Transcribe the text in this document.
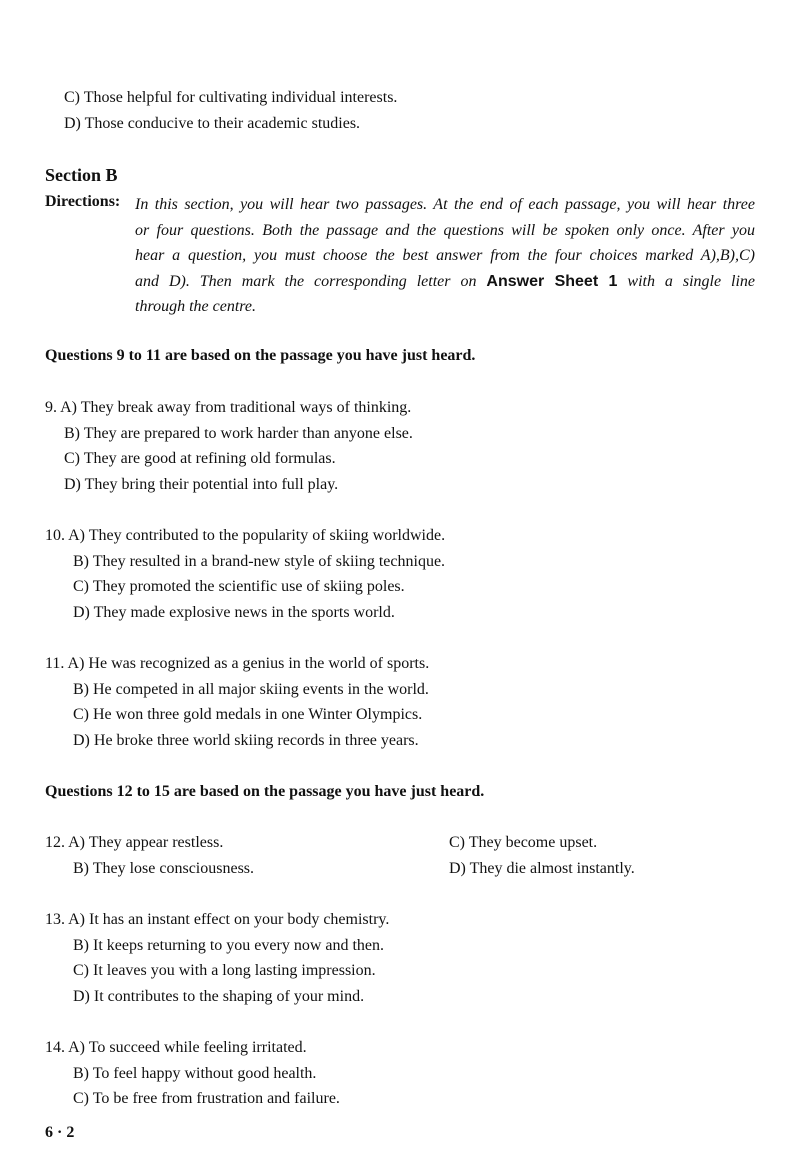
C) Those helpful for cultivating individual interests.
D) Those conducive to their academic studies.
Section B
Directions: In this section, you will hear two passages. At the end of each passage, you will hear three
or four questions. Both the passage and the questions will be spoken only once. After you
hear a question, you must choose the best answer from the four choices marked A),B),C)
and D). Then mark the corresponding letter on Answer Sheet 1 with a single line
through the centre.
Questions 9 to 11 are based on the passage you have just heard.
9. A) They break away from traditional ways of thinking.
B) They are prepared to work harder than anyone else.
C) They are good at refining old formulas.
D) They bring their potential into full play.
10. A) They contributed to the popularity of skiing worldwide.
B) They resulted in a brand-new style of skiing technique.
C) They promoted the scientific use of skiing poles.
D) They made explosive news in the sports world.
11. A) He was recognized as a genius in the world of sports.
B) He competed in all major skiing events in the world.
C) He won three gold medals in one Winter Olympics.
D) He broke three world skiing records in three years.
Questions 12 to 15 are based on the passage you have just heard.
12. A) They appear restless.
B) They lose consciousness.
C) They become upset.
D) They die almost instantly.
13. A) It has an instant effect on your body chemistry.
B) It keeps returning to you every now and then.
C) It leaves you with a long lasting impression.
D) It contributes to the shaping of your mind.
14. A) To succeed while feeling irritated.
B) To feel happy without good health.
C) To be free from frustration and failure.
6 · 2
